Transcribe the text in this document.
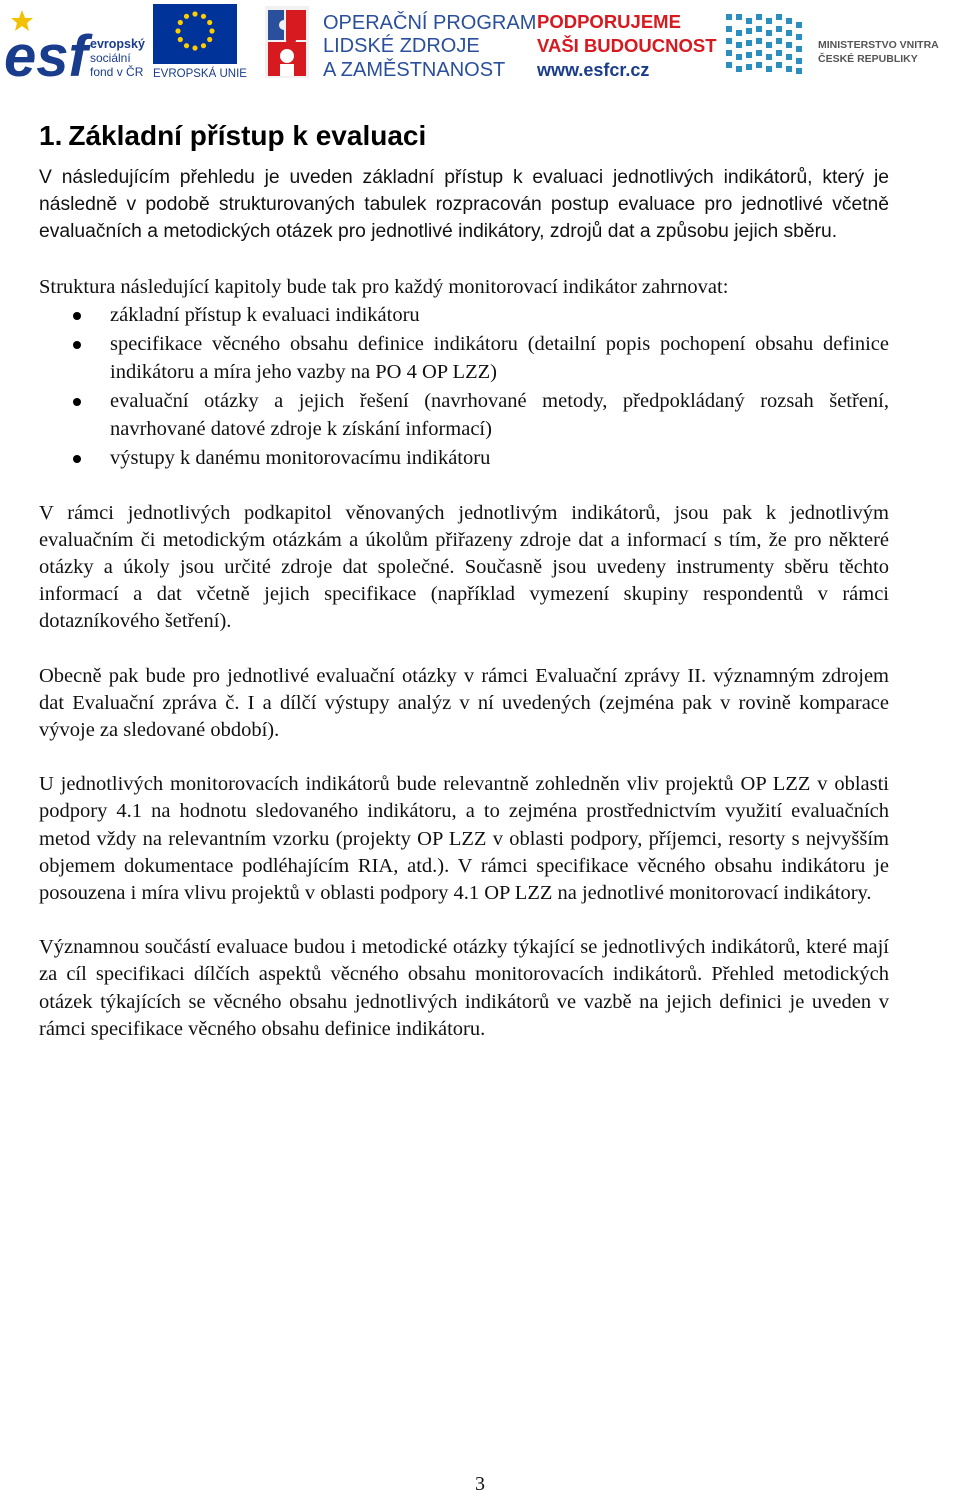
esf evropský
sociální
fond v ČR EVROPSKÁ UNIE
OPERAČNÍ PROGRAM
LIDSKÉ ZDROJE
A ZAMĚSTNANOST
PODPORUJEME
VAŠI BUDOUCNOST
www.esfcr.cz
MINISTERSTVO VNITRA
ČESKÉ REPUBLIKY
1. Základní přístup k evaluaci

V následujícím přehledu je uveden základní přístup k evaluaci jednotlivých indikátorů, který je následně v podobě strukturovaných tabulek rozpracován postup evaluace pro jednotlivé včetně evaluačních a metodických otázek pro jednotlivé indikátory, zdrojů dat a způsobu jejich sběru.

Struktura následující kapitoly bude tak pro každý monitorovací indikátor zahrnovat:

základní přístup k evaluaci indikátoru
specifikace věcného obsahu definice indikátoru (detailní popis pochopení obsahu definice indikátoru a míra jeho vazby na PO 4 OP LZZ)
evaluační otázky a jejich řešení (navrhované metody, předpokládaný rozsah šetření, navrhované datové zdroje k získání informací)
výstupy k danému monitorovacímu indikátoru

V rámci jednotlivých podkapitol věnovaných jednotlivým indikátorů, jsou pak k jednotlivým evaluačním či metodickým otázkám a úkolům přiřazeny zdroje dat a informací s tím, že pro některé otázky a úkoly jsou určité zdroje dat společné. Současně jsou uvedeny instrumenty sběru těchto informací a dat včetně jejich specifikace (například vymezení skupiny respondentů v rámci dotazníkového šetření).

Obecně pak bude pro jednotlivé evaluační otázky v rámci Evaluační zprávy II. významným zdrojem dat Evaluační zpráva č. I a dílčí výstupy analýz v ní uvedených (zejména pak v rovině komparace vývoje za sledované období).

U jednotlivých monitorovacích indikátorů bude relevantně zohledněn vliv projektů OP LZZ v oblasti podpory 4.1 na hodnotu sledovaného indikátoru, a to zejména prostřednictvím využití evaluačních metod vždy na relevantním vzorku (projekty OP LZZ v oblasti podpory, příjemci, resorty s nejvyšším objemem dokumentace podléhajícím RIA, atd.). V rámci specifikace věcného obsahu indikátoru je posouzena i míra vlivu projektů v oblasti podpory 4.1 OP LZZ na jednotlivé monitorovací indikátory.

Významnou součástí evaluace budou i metodické otázky týkající se jednotlivých indikátorů, které mají za cíl specifikaci dílčích aspektů věcného obsahu monitorovacích indikátorů. Přehled metodických otázek týkajících se věcného obsahu jednotlivých indikátorů ve vazbě na jejich definici je uveden v rámci specifikace věcného obsahu definice indikátoru.

3
